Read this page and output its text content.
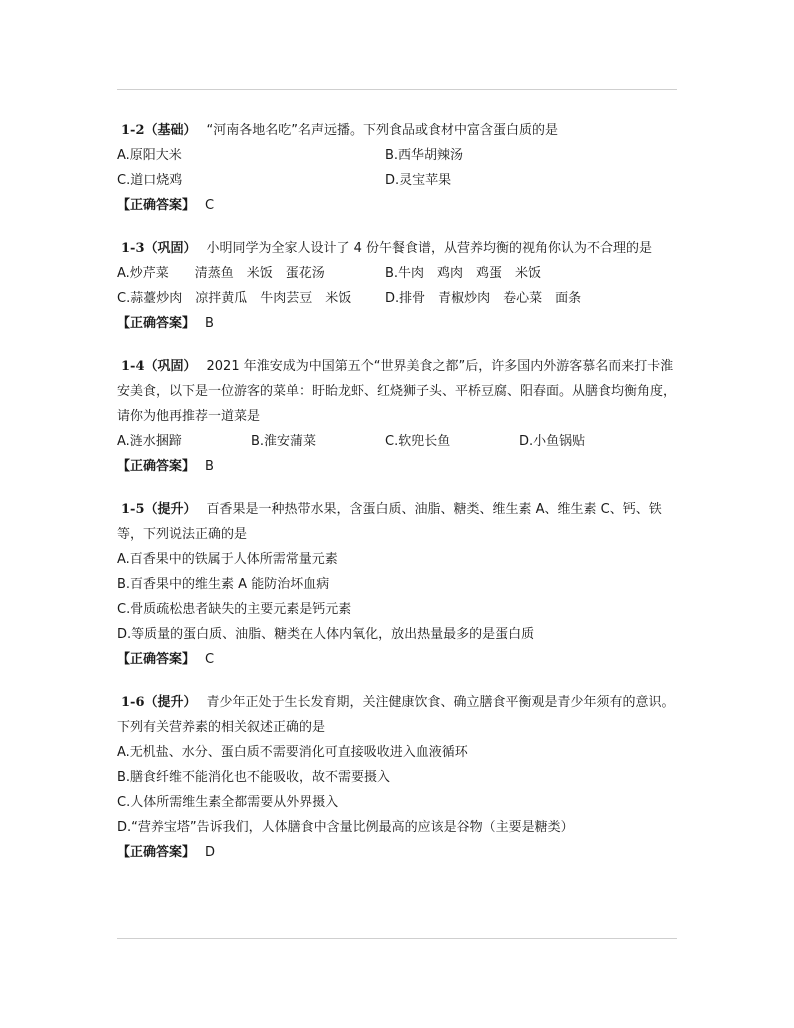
1-2（基础） “河南各地名吃”名声远播。下列食品或食材中富含蛋白质的是
A.原阳大米	B.西华胡辣汤
C.道口烧鸡	D.灵宝苹果
【正确答案】 C
1-3（巩固） 小明同学为全家人设计了 4 份午餐食谱，从营养均衡的视角你认为不合理的是
A.炒芹菜　　清蒸鱼　米饭　蛋花汤	B.牛肉　鸡肉　鸡蛋　米饭
C.蒜薹炒肉　凉拌黄瓜　牛肉芸豆　米饭	D.排骨　青椒炒肉　卷心菜　面条
【正确答案】 B
1-4（巩固） 2021 年淮安成为中国第五个“世界美食之都”后，许多国内外游客慕名而来打卡淮安美食，以下是一位游客的菜单：盱眙龙虾、红烧狮子头、平桥豆腐、阳春面。从膳食均衡角度，请你为他再推荐一道菜是
A.涟水捆蹄	B.淮安蒲菜	C.软兜长鱼	D.小鱼锅贴
【正确答案】 B
1-5（提升） 百香果是一种热带水果，含蛋白质、油脂、糖类、维生素 A、维生素 C、钙、铁等，下列说法正确的是
A.百香果中的铁属于人体所需常量元素
B.百香果中的维生素 A 能防治坏血病
C.骨质疏松患者缺失的主要元素是钙元素
D.等质量的蛋白质、油脂、糖类在人体内氧化，放出热量最多的是蛋白质
【正确答案】 C
1-6（提升） 青少年正处于生长发育期，关注健康饮食、确立膳食平衡观是青少年须有的意识。下列有关营养素的相关叙述正确的是
A.无机盐、水分、蛋白质不需要消化可直接吸收进入血液循环
B.膳食纤维不能消化也不能吸收，故不需要摄入
C.人体所需维生素全都需要从外界摄入
D.“营养宝塔”告诉我们，人体膳食中含量比例最高的应该是谷物（主要是糖类）
【正确答案】 D
